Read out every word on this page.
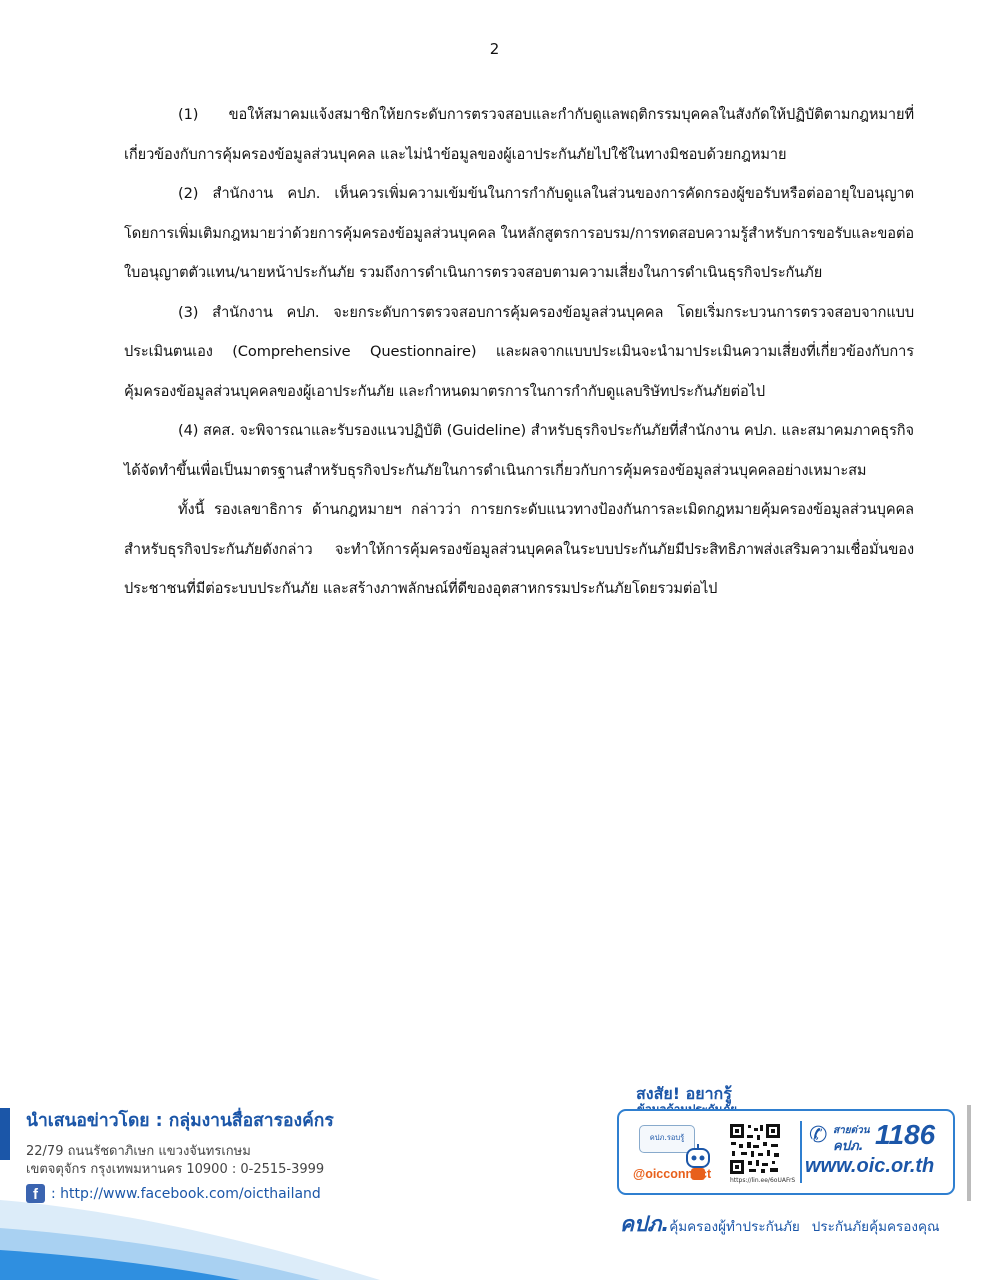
2

(1) ขอให้สมาคมแจ้งสมาชิกให้ยกระดับการตรวจสอบและกำกับดูแลพฤติกรรมบุคคลในสังกัดให้ปฏิบัติตามกฎหมายที่เกี่ยวข้องกับการคุ้มครองข้อมูลส่วนบุคคล และไม่นำข้อมูลของผู้เอาประกันภัยไปใช้ในทางมิชอบด้วยกฎหมาย

(2) สำนักงาน คปภ. เห็นควรเพิ่มความเข้มข้นในการกำกับดูแลในส่วนของการคัดกรองผู้ขอรับหรือต่ออายุใบอนุญาต โดยการเพิ่มเติมกฎหมายว่าด้วยการคุ้มครองข้อมูลส่วนบุคคล ในหลักสูตรการอบรม/การทดสอบความรู้สำหรับการขอรับและขอต่อใบอนุญาตตัวแทน/นายหน้าประกันภัย รวมถึงการดำเนินการตรวจสอบตามความเสี่ยงในการดำเนินธุรกิจประกันภัย

(3) สำนักงาน คปภ. จะยกระดับการตรวจสอบการคุ้มครองข้อมูลส่วนบุคคล โดยเริ่มกระบวนการตรวจสอบจากแบบประเมินตนเอง (Comprehensive Questionnaire) และผลจากแบบประเมินจะนำมาประเมินความเสี่ยงที่เกี่ยวข้องกับการคุ้มครองข้อมูลส่วนบุคคลของผู้เอาประกันภัย และกำหนดมาตรการในการกำกับดูแลบริษัทประกันภัยต่อไป

(4) สคส. จะพิจารณาและรับรองแนวปฏิบัติ (Guideline) สำหรับธุรกิจประกันภัยที่สำนักงาน คปภ. และสมาคมภาคธุรกิจได้จัดทำขึ้นเพื่อเป็นมาตรฐานสำหรับธุรกิจประกันภัยในการดำเนินการเกี่ยวกับการคุ้มครองข้อมูลส่วนบุคคลอย่างเหมาะสม

ทั้งนี้ รองเลขาธิการ ด้านกฎหมายฯ กล่าวว่า การยกระดับแนวทางป้องกันการละเมิดกฎหมายคุ้มครองข้อมูลส่วนบุคคล สำหรับธุรกิจประกันภัยดังกล่าว จะทำให้การคุ้มครองข้อมูลส่วนบุคคลในระบบประกันภัยมีประสิทธิภาพส่งเสริมความเชื่อมั่นของประชาชนที่มีต่อระบบประกันภัย และสร้างภาพลักษณ์ที่ดีของอุตสาหกรรมประกันภัยโดยรวมต่อไป

นำเสนอข่าวโดย : กลุ่มงานสื่อสารองค์กร
22/79 ถนนรัชดาภิเษก แขวงจันทรเกษม
เขตจตุจักร กรุงเทพมหานคร 10900 : 0-2515-3999
f : http://www.facebook.com/oicthailand
สงสัย! อยากรู้
คปภ.รอบรู้
@oicconnect	https://lin.ee/6oUAFrS
✆ สายด่วน
คปภ. 1186
www.oic.or.th
คปภ. คุ้มครองผู้ทำประกันภัย ประกันภัยคุ้มครองคุณ
